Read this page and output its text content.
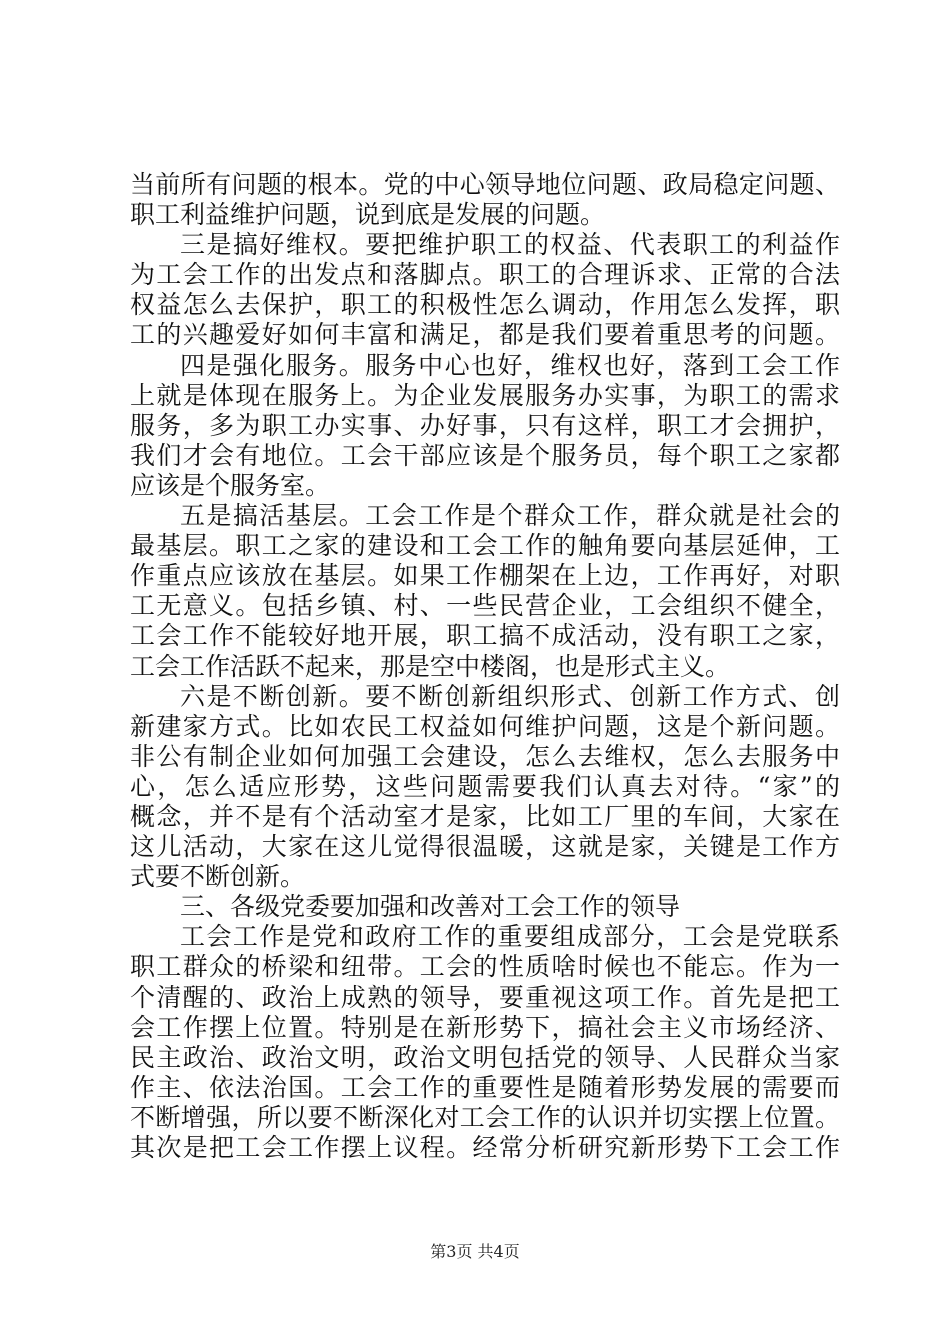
当前所有问题的根本。党的中心领导地位问题、政局稳定问题、
职工利益维护问题，说到底是发展的问题。
三是搞好维权。要把维护职工的权益、代表职工的利益作
为工会工作的出发点和落脚点。职工的合理诉求、正常的合法
权益怎么去保护，职工的积极性怎么调动，作用怎么发挥，职
工的兴趣爱好如何丰富和满足，都是我们要着重思考的问题。
四是强化服务。服务中心也好，维权也好，落到工会工作
上就是体现在服务上。为企业发展服务办实事，为职工的需求
服务，多为职工办实事、办好事，只有这样，职工才会拥护，
我们才会有地位。工会干部应该是个服务员，每个职工之家都
应该是个服务室。
五是搞活基层。工会工作是个群众工作，群众就是社会的
最基层。职工之家的建设和工会工作的触角要向基层延伸，工
作重点应该放在基层。如果工作棚架在上边，工作再好，对职
工无意义。包括乡镇、村、一些民营企业，工会组织不健全，
工会工作不能较好地开展，职工搞不成活动，没有职工之家，
工会工作活跃不起来，那是空中楼阁，也是形式主义。
六是不断创新。要不断创新组织形式、创新工作方式、创
新建家方式。比如农民工权益如何维护问题，这是个新问题。
非公有制企业如何加强工会建设，怎么去维权，怎么去服务中
心，怎么适应形势，这些问题需要我们认真去对待。“家”的
概念，并不是有个活动室才是家，比如工厂里的车间，大家在
这儿活动，大家在这儿觉得很温暖，这就是家，关键是工作方
式要不断创新。
三、各级党委要加强和改善对工会工作的领导
工会工作是党和政府工作的重要组成部分，工会是党联系
职工群众的桥梁和纽带。工会的性质啥时候也不能忘。作为一
个清醒的、政治上成熟的领导，要重视这项工作。首先是把工
会工作摆上位置。特别是在新形势下，搞社会主义市场经济、
民主政治、政治文明，政治文明包括党的领导、人民群众当家
作主、依法治国。工会工作的重要性是随着形势发展的需要而
不断增强，所以要不断深化对工会工作的认识并切实摆上位置。
其次是把工会工作摆上议程。经常分析研究新形势下工会工作
第3页 共4页
